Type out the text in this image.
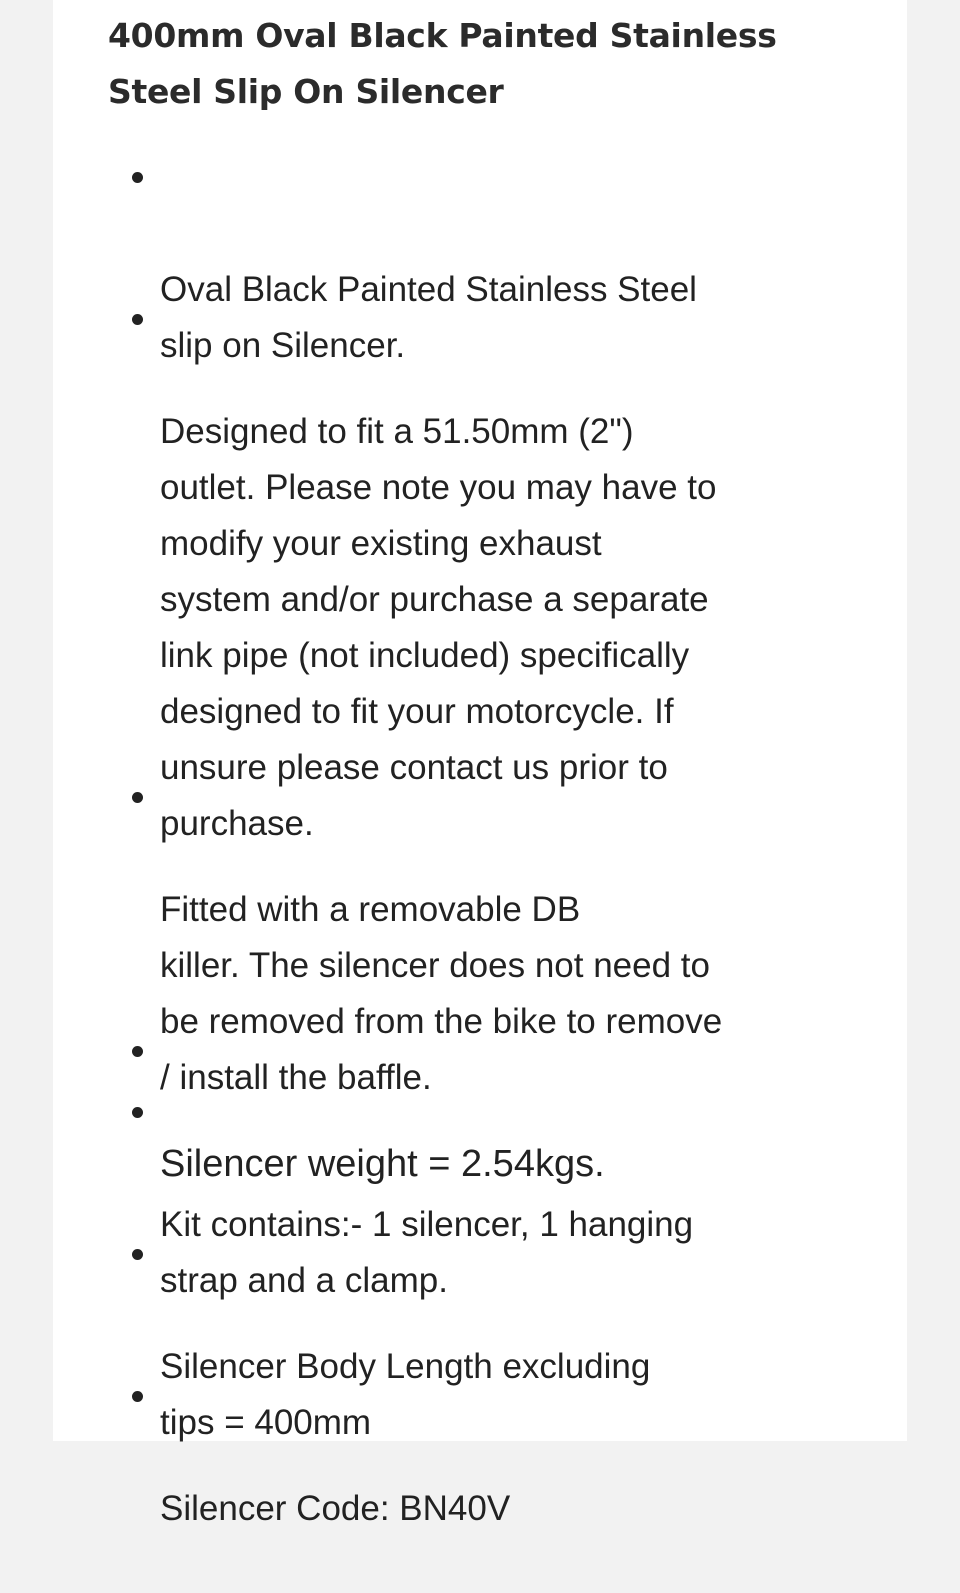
400mm Oval Black Painted Stainless Steel Slip On Silencer

Oval Black Painted Stainless Steel
slip on Silencer.

Designed to fit a 51.50mm (2")
outlet. Please note you may have to
modify your existing exhaust
system and/or purchase a separate
link pipe (not included) specifically
designed to fit your motorcycle. If
unsure please contact us prior to
purchase.

Fitted with a removable DB
killer. The silencer does not need to
be removed from the bike to remove
/ install the baffle.

Silencer weight = 2.54kgs.

Kit contains:- 1 silencer, 1 hanging
strap and a clamp.

Silencer Body Length excluding
tips = 400mm

Silencer Code: BN40V
